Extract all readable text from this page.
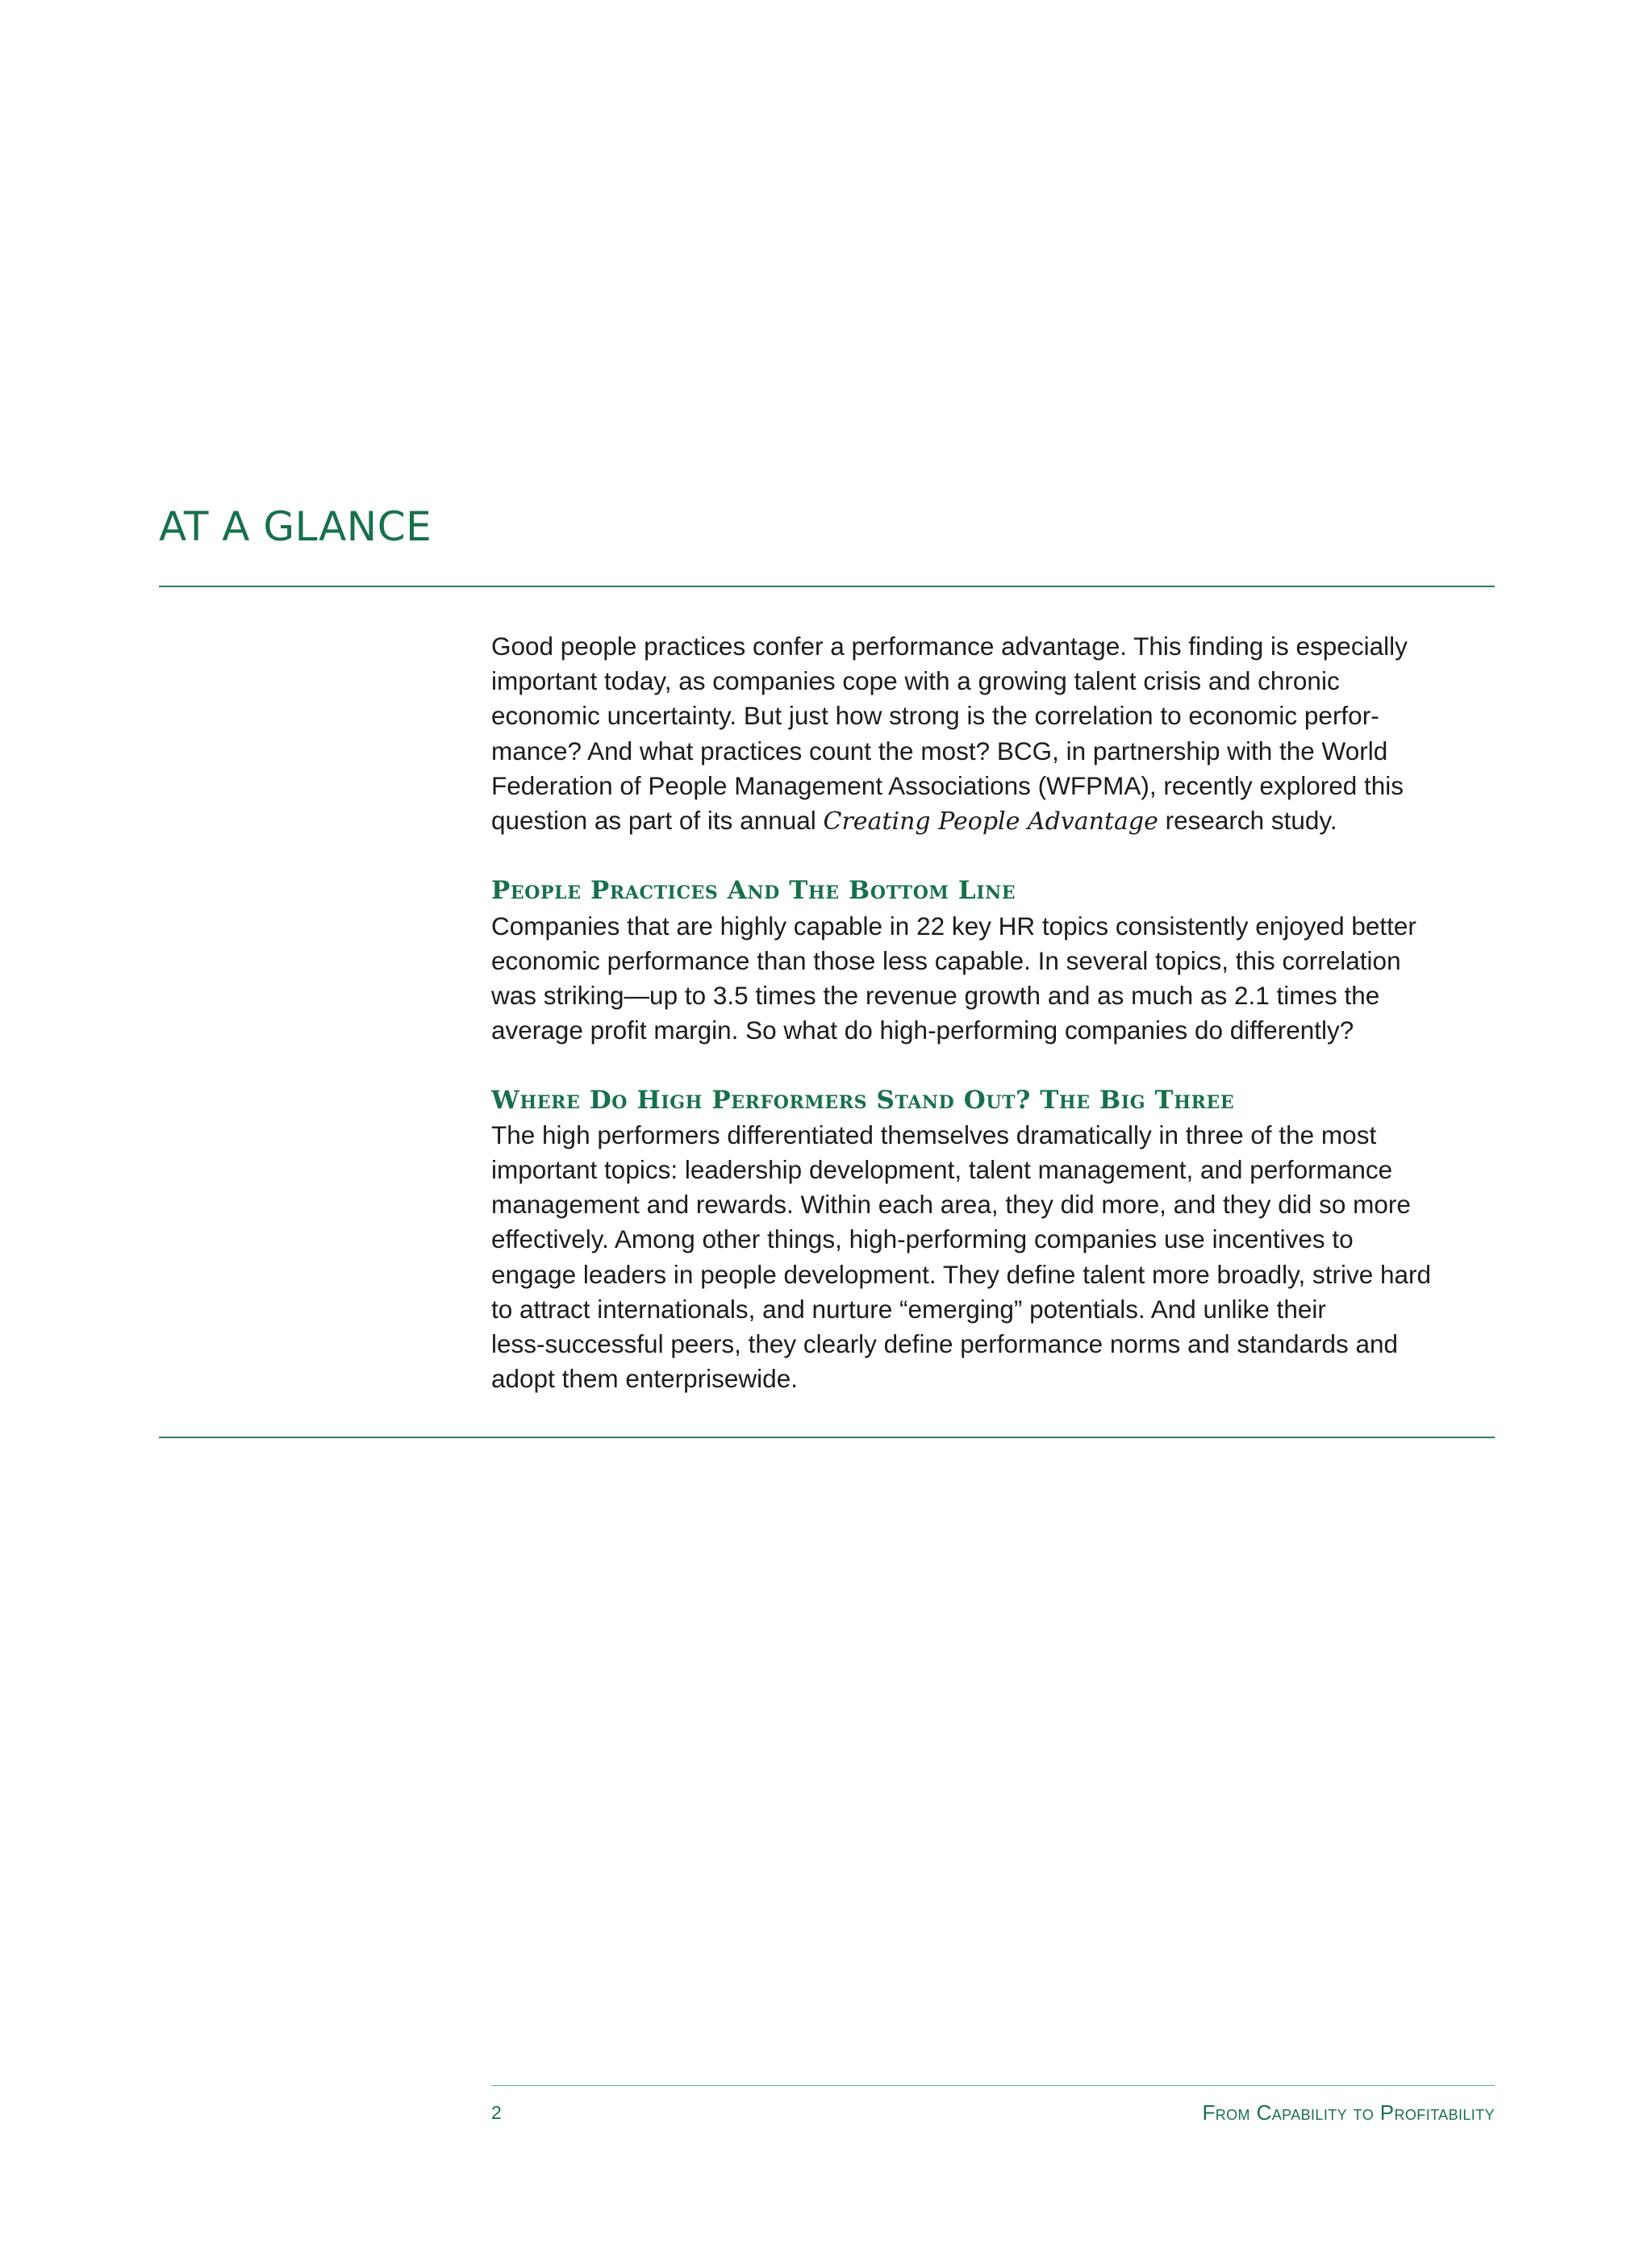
AT A GLANCE

Good people practices confer a performance advantage. This finding is especially
important today, as companies cope with a growing talent crisis and chronic
economic uncertainty. But just how strong is the correlation to economic perfor-
mance? And what practices count the most? BCG, in partnership with the World
Federation of People Management Associations (WFPMA), recently explored this
question as part of its annual Creating People Advantage research study.

People Practices And The Bottom Line

Companies that are highly capable in 22 key HR topics consistently enjoyed better
economic performance than those less capable. In several topics, this correlation
was striking—up to 3.5 times the revenue growth and as much as 2.1 times the
average profit margin. So what do high-performing companies do differently?

Where Do High Performers Stand Out? The Big Three

The high performers differentiated themselves dramatically in three of the most
important topics: leadership development, talent management, and performance
management and rewards. Within each area, they did more, and they did so more
effectively. Among other things, high-performing companies use incentives to
engage leaders in people development. They define talent more broadly, strive hard
to attract internationals, and nurture “emerging” potentials. And unlike their
less-successful peers, they clearly define performance norms and standards and
adopt them enterprisewide.

2	From Capability to Profitability
